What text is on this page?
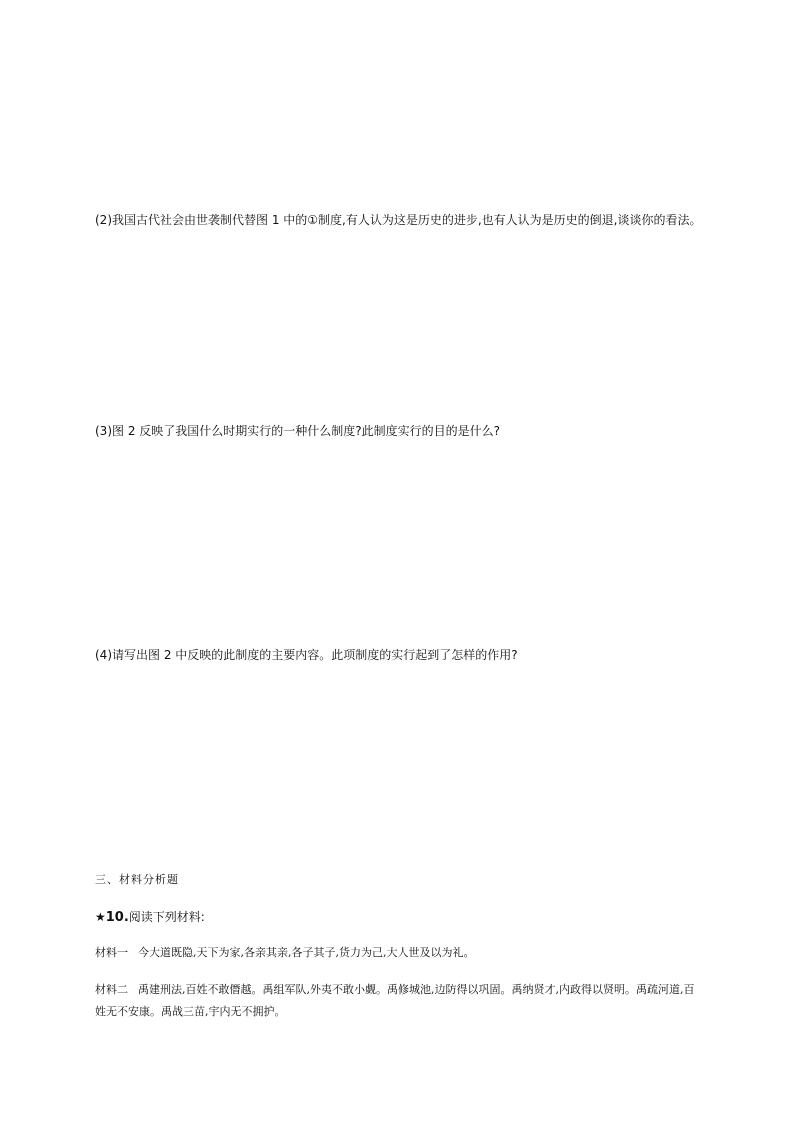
(2)我国古代社会由世袭制代替图 1 中的①制度,有人认为这是历史的进步,也有人认为是历史的倒退,谈谈你的看法。

(3)图 2 反映了我国什么时期实行的一种什么制度?此制度实行的目的是什么?

(4)请写出图 2 中反映的此制度的主要内容。此项制度的实行起到了怎样的作用?

三、材料分析题

★10.阅读下列材料:

材料一 今大道既隐,天下为家,各亲其亲,各子其子,货力为己,大人世及以为礼。

材料二 禹建刑法,百姓不敢僭越。禹组军队,外夷不敢小觑。禹修城池,边防得以巩固。禹纳贤才,内政得以贤明。禹疏河道,百姓无不安康。禹战三苗,宇内无不拥护。
